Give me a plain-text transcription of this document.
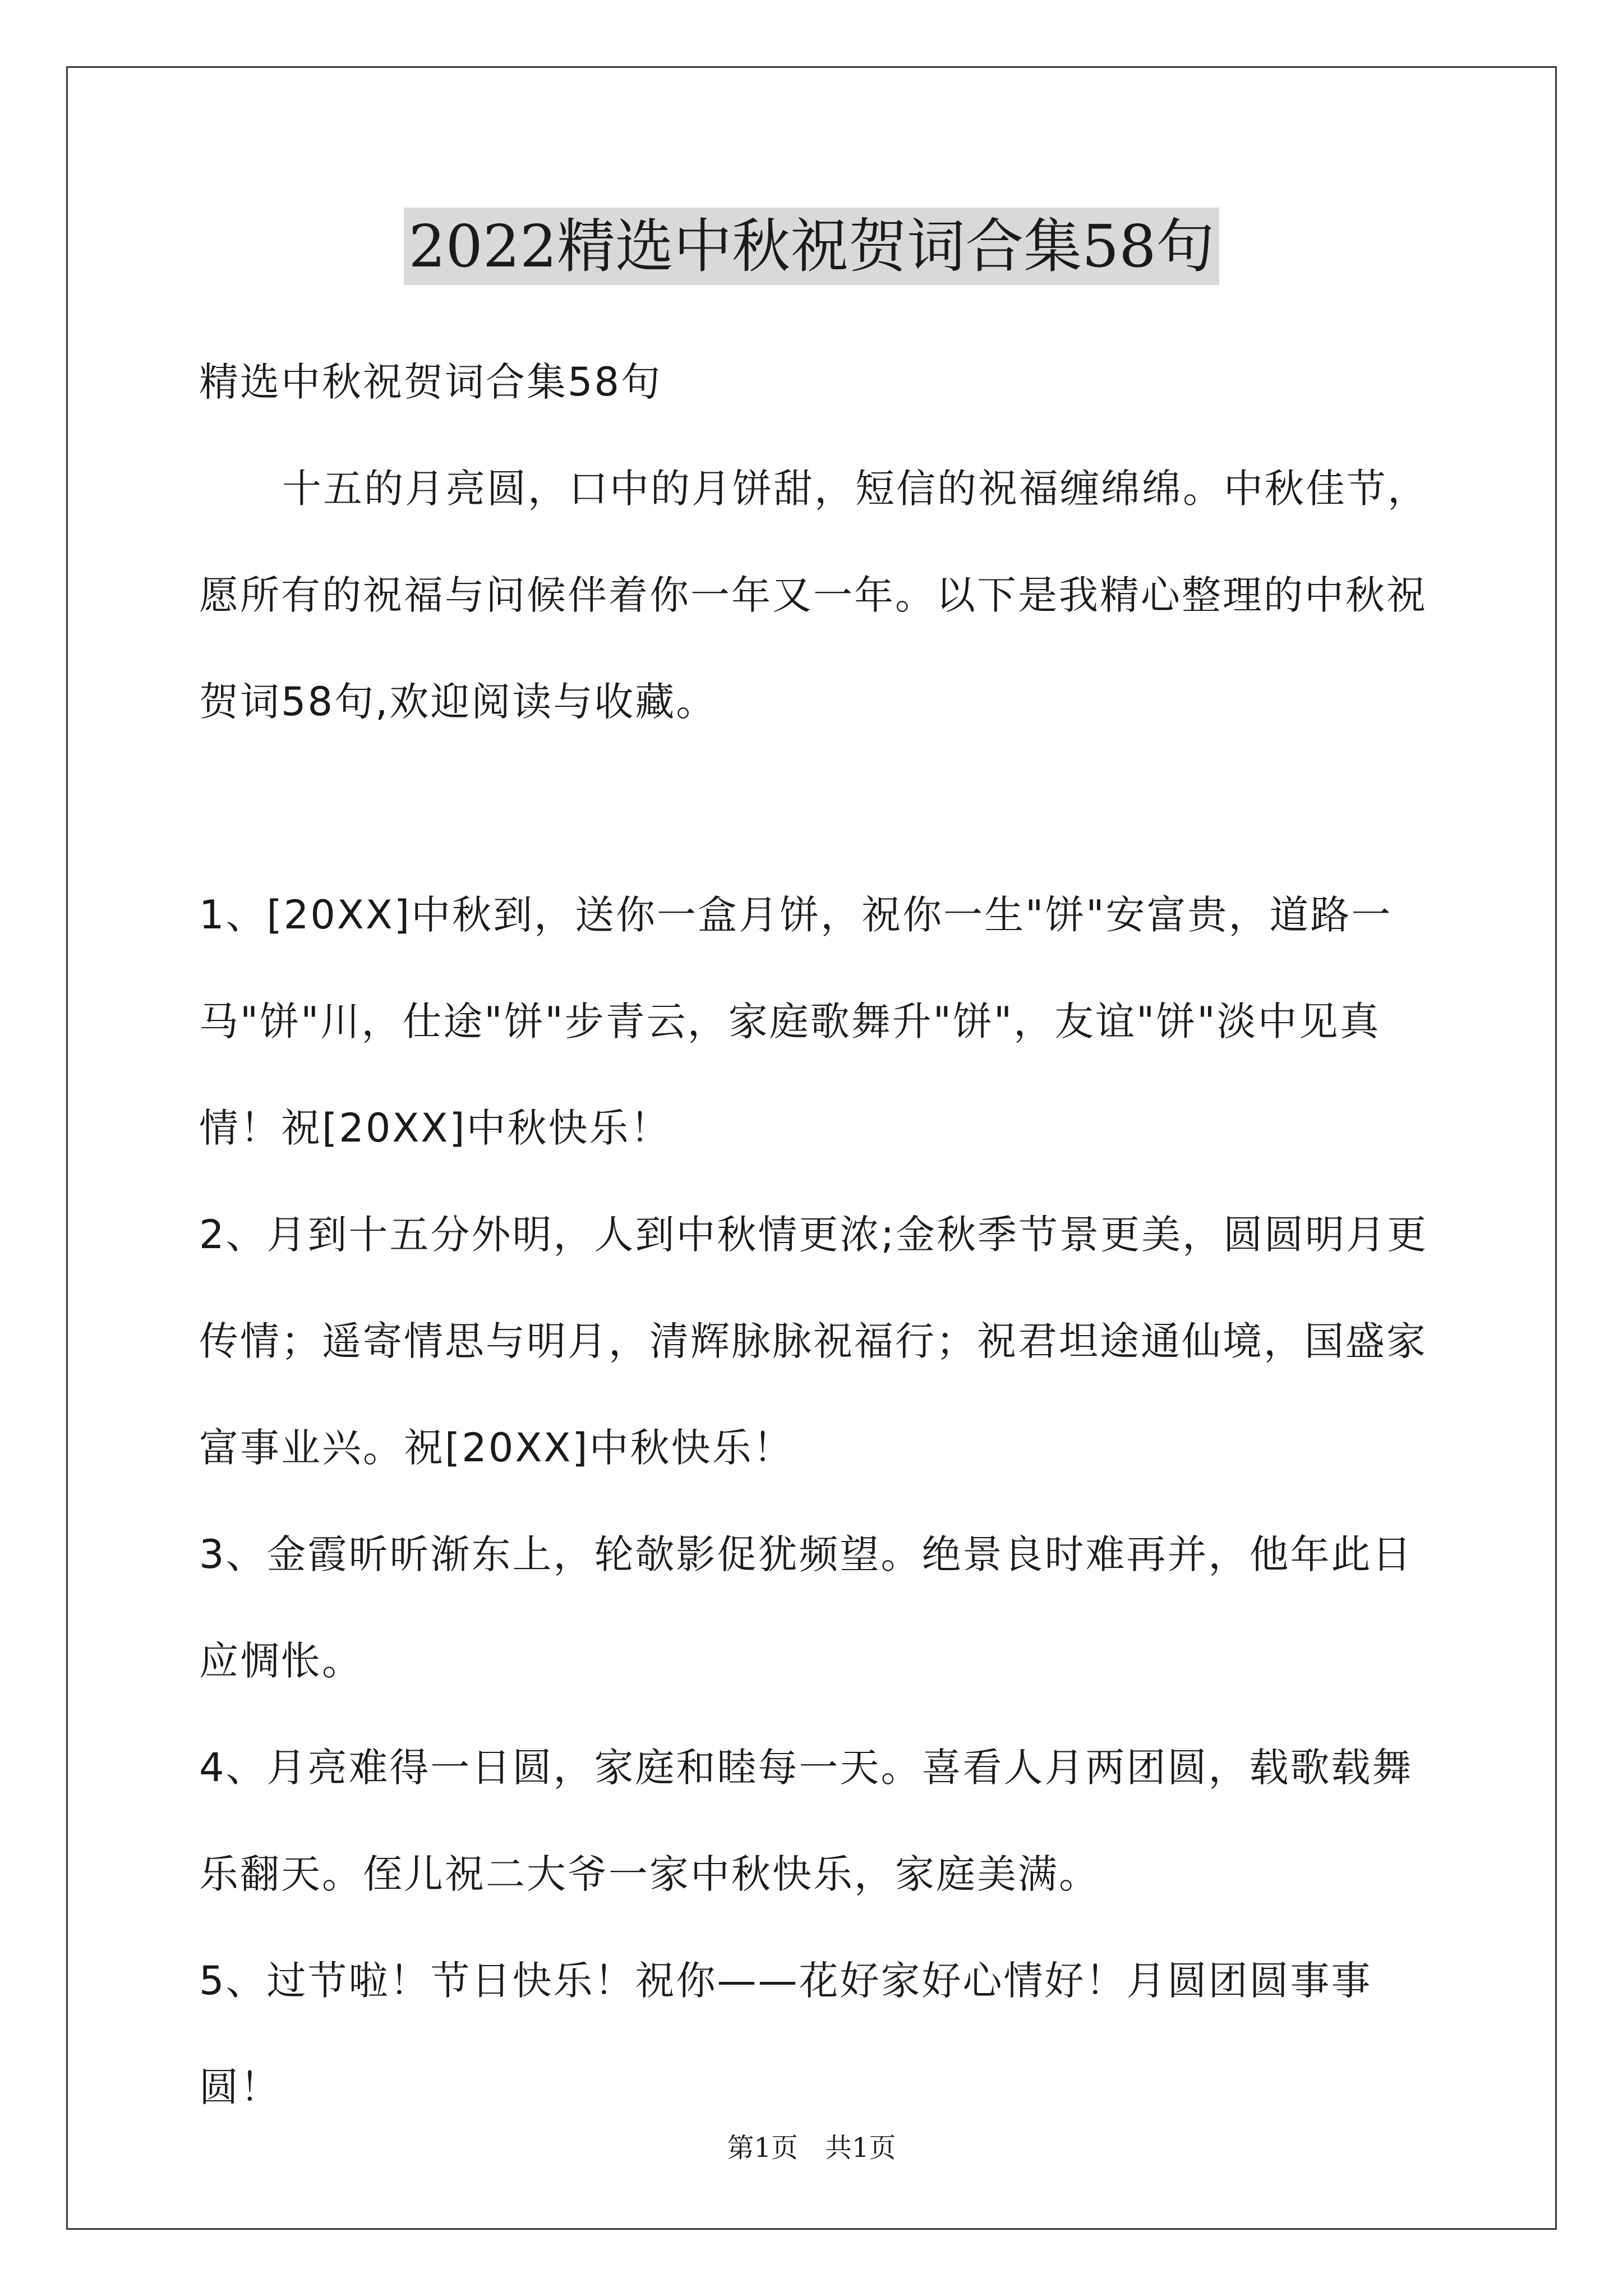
2022精选中秋祝贺词合集58句

精选中秋祝贺词合集58句

十五的月亮圆，口中的月饼甜，短信的祝福缠绵绵。中秋佳节，愿所有的祝福与问候伴着你一年又一年。以下是我精心整理的中秋祝贺词58句,欢迎阅读与收藏。

1、[20XX]中秋到，送你一盒月饼，祝你一生"饼"安富贵，道路一马"饼"川，仕途"饼"步青云，家庭歌舞升"饼"，友谊"饼"淡中见真情！祝[20XX]中秋快乐！

2、月到十五分外明，人到中秋情更浓;金秋季节景更美，圆圆明月更传情；遥寄情思与明月，清辉脉脉祝福行；祝君坦途通仙境，国盛家富事业兴。祝[20XX]中秋快乐！

3、金霞昕昕渐东上，轮欹影促犹频望。绝景良时难再并，他年此日应惆怅。

4、月亮难得一日圆，家庭和睦每一天。喜看人月两团圆，载歌载舞乐翻天。侄儿祝二大爷一家中秋快乐，家庭美满。

5、过节啦！节日快乐！祝你——花好家好心情好！月圆团圆事事圆！

第1页　共1页
